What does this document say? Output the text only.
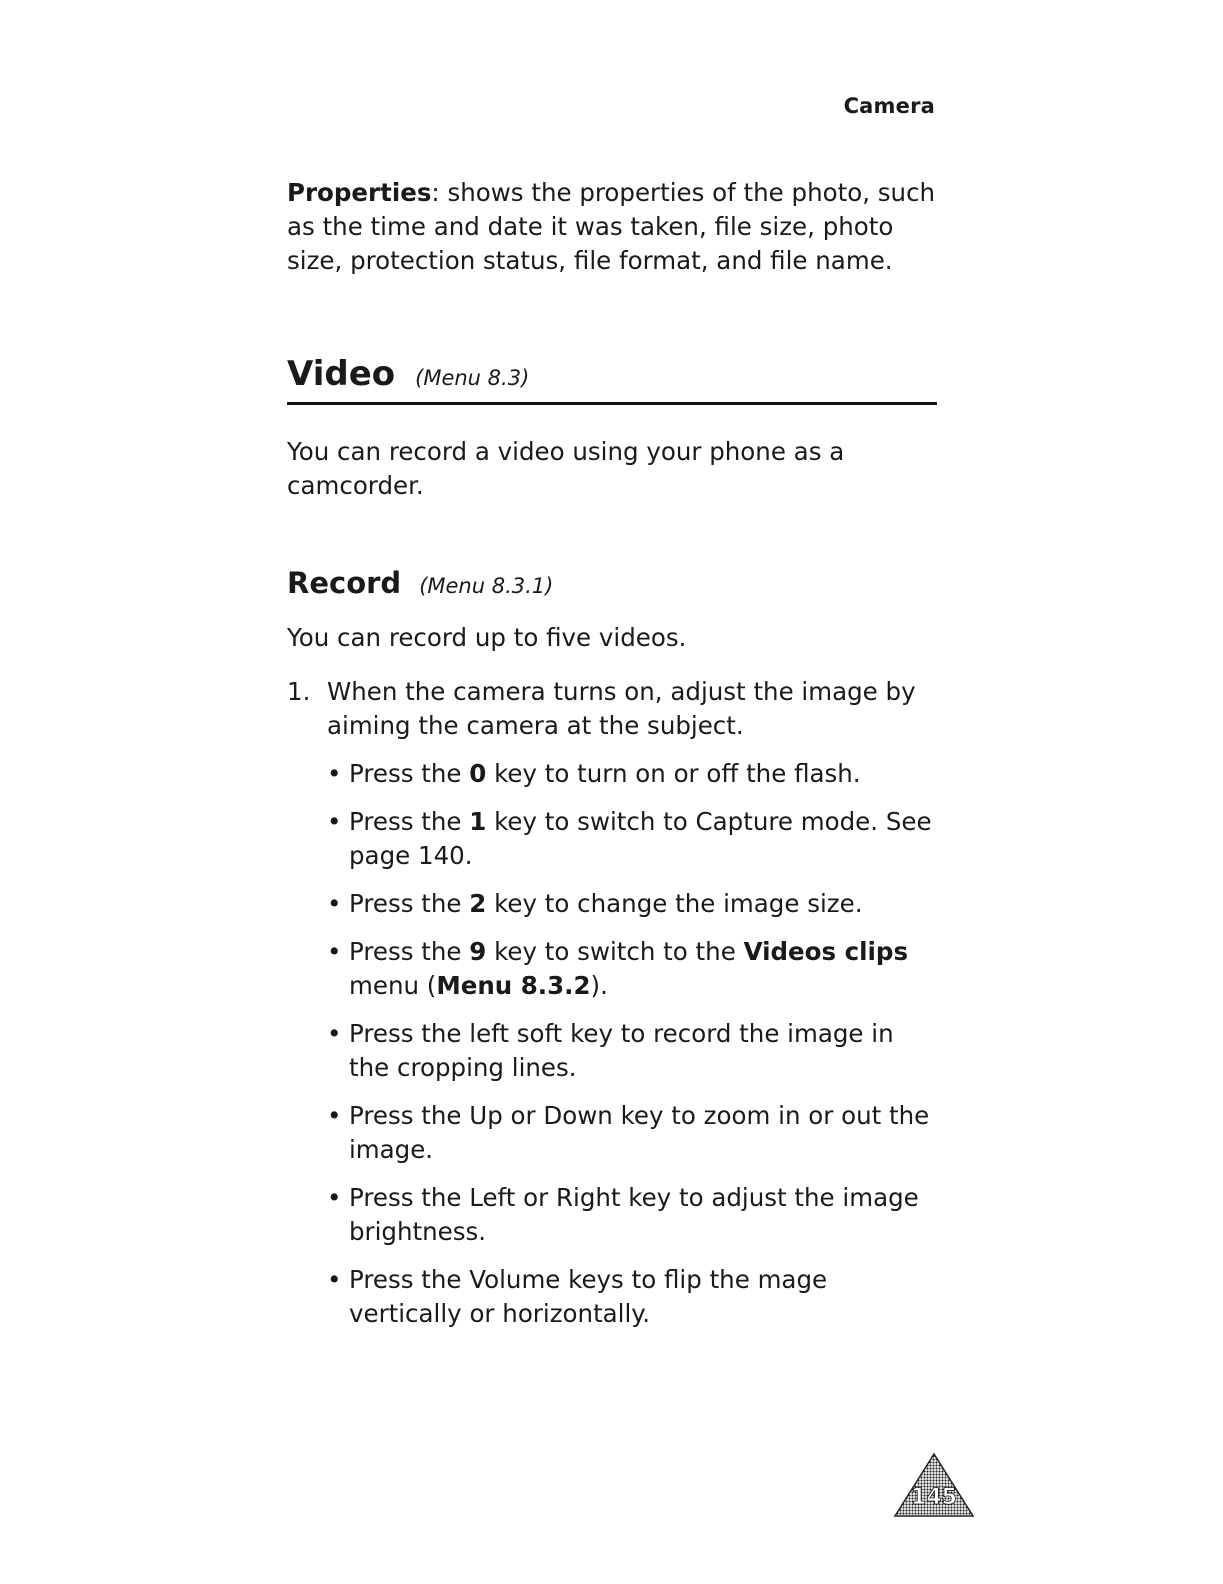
Camera

Properties: shows the properties of the photo, such as the time and date it was taken, file size, photo size, protection status, file format, and file name.

Video (Menu 8.3)

You can record a video using your phone as a camcorder.

Record (Menu 8.3.1)

You can record up to five videos.

1. When the camera turns on, adjust the image by aiming the camera at the subject.
• Press the 0 key to turn on or off the flash.
• Press the 1 key to switch to Capture mode. See page 140.
• Press the 2 key to change the image size.
• Press the 9 key to switch to the Videos clips menu (Menu 8.3.2).
• Press the left soft key to record the image in the cropping lines.
• Press the Up or Down key to zoom in or out the image.
• Press the Left or Right key to adjust the image brightness.
• Press the Volume keys to flip the mage vertically or horizontally.
145
